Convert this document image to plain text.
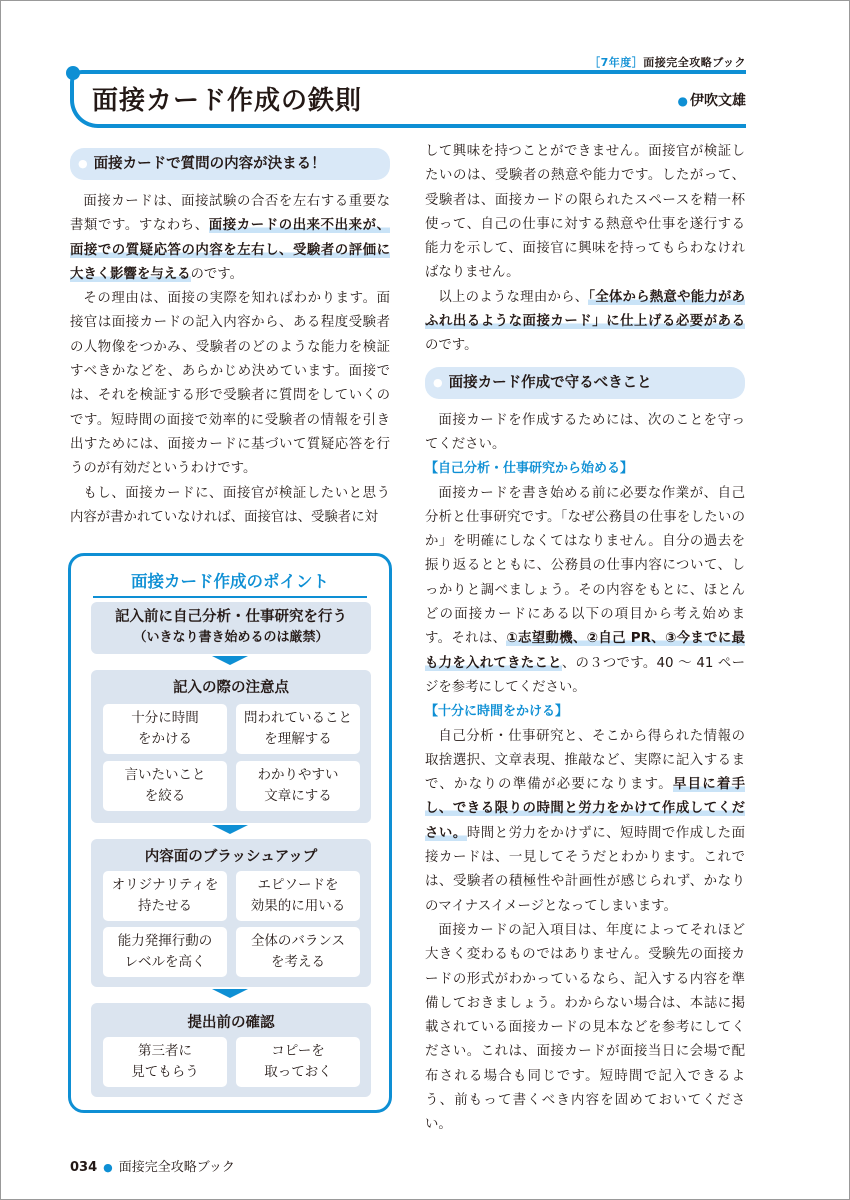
［7年度］面接完全攻略ブック
面接カード作成の鉄則
●	伊吹文雄
● 面接カードで質問の内容が決まる！

面接カードは、面接試験の合否を左右する重要な書類です。すなわち、面接カードの出来不出来が、面接での質疑応答の内容を左右し、受験者の評価に大きく影響を与えるのです。

その理由は、面接の実際を知ればわかります。面接官は面接カードの記入内容から、ある程度受験者の人物像をつかみ、受験者のどのような能力を検証すべきかなどを、あらかじめ決めています。面接では、それを検証する形で受験者に質問をしていくのです。短時間の面接で効率的に受験者の情報を引き出すためには、面接カードに基づいて質疑応答を行うのが有効だというわけです。

もし、面接カードに、面接官が検証したいと思う内容が書かれていなければ、面接官は、受験者に対

面接カード作成のポイント
記入前に自己分析・仕事研究を行う
（いきなり書き始めるのは厳禁）
記入の際の注意点
十分に時間
をかける
問われていること
を理解する
言いたいこと
を絞る
わかりやすい
文章にする
内容面のブラッシュアップ
オリジナリティを
持たせる
エピソードを
効果的に用いる
能力発揮行動の
レベルを高く
全体のバランス
を考える
提出前の確認
第三者に
見てもらう
コピーを
取っておく

して興味を持つことができません。面接官が検証したいのは、受験者の熱意や能力です。したがって、受験者は、面接カードの限られたスペースを精一杯使って、自己の仕事に対する熱意や仕事を遂行する能力を示して、面接官に興味を持ってもらわなければなりません。

以上のような理由から、「全体から熱意や能力があふれ出るような面接カード」に仕上げる必要があるのです。

● 面接カード作成で守るべきこと

面接カードを作成するためには、次のことを守ってください。

【自己分析・仕事研究から始める】

面接カードを書き始める前に必要な作業が、自己分析と仕事研究です。「なぜ公務員の仕事をしたいのか」を明確にしなくてはなりません。自分の過去を振り返るとともに、公務員の仕事内容について、しっかりと調べましょう。その内容をもとに、ほとんどの面接カードにある以下の項目から考え始めます。それは、①志望動機、②自己 PR、③今までに最も力を入れてきたこと、の３つです。40 ～ 41 ページを参考にしてください。

【十分に時間をかける】

自己分析・仕事研究と、そこから得られた情報の取捨選択、文章表現、推敲など、実際に記入するまで、かなりの準備が必要になります。早目に着手し、できる限りの時間と労力をかけて作成してください。時間と労力をかけずに、短時間で作成した面接カードは、一見してそうだとわかります。これでは、受験者の積極性や計画性が感じられず、かなりのマイナスイメージとなってしまいます。

面接カードの記入項目は、年度によってそれほど大きく変わるものではありません。受験先の面接カードの形式がわかっているなら、記入する内容を準備しておきましょう。わからない場合は、本誌に掲載されている面接カードの見本などを参考にしてください。これは、面接カードが面接当日に会場で配布される場合も同じです。短時間で記入できるよう、前もって書くべき内容を固めておいてください。

034 ● 面接完全攻略ブック
